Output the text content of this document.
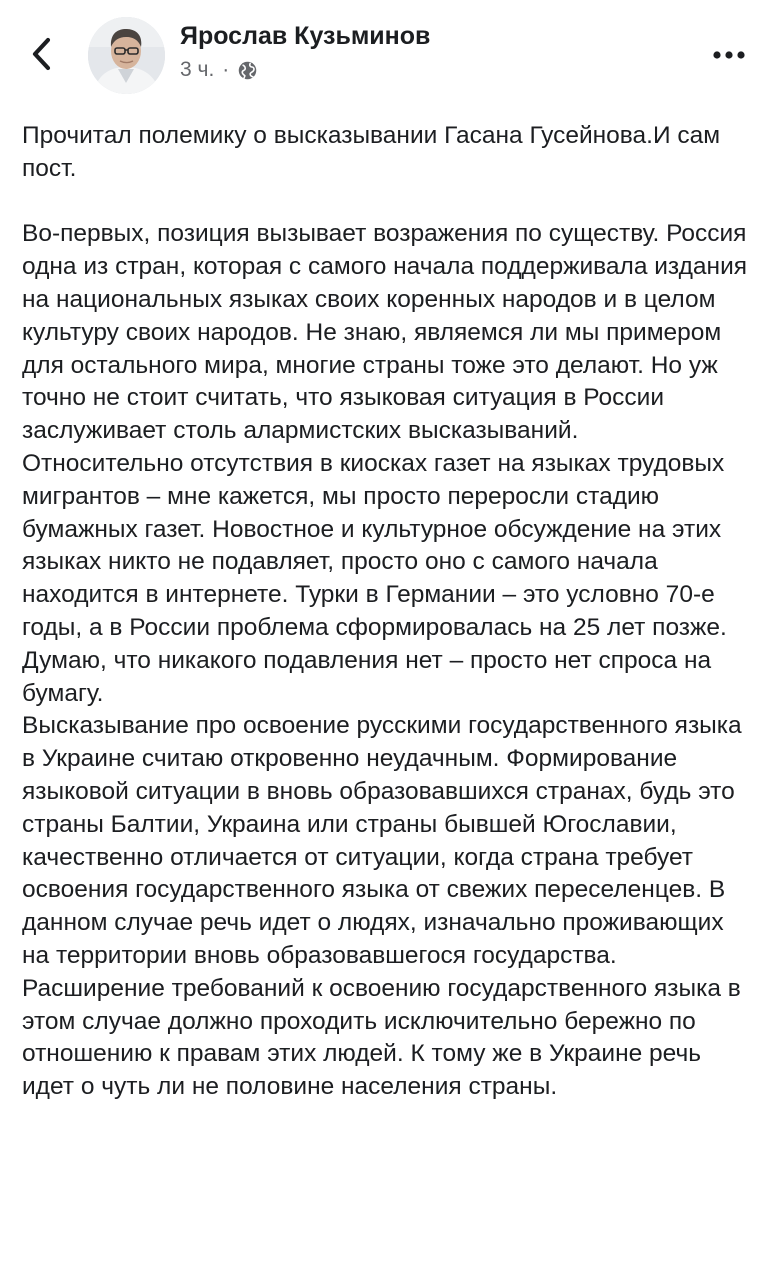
Ярослав Кузьминов
3 ч. ·

Прочитал полемику о высказывании Гасана Гусейнова.И сам пост.

Во-первых, позиция вызывает возражения по существу. Россия одна из стран, которая с самого начала поддерживала издания на национальных языках своих коренных народов и в целом культуру своих народов. Не знаю, являемся ли мы примером для остального мира, многие страны тоже это делают. Но уж точно не стоит считать, что языковая ситуация в России заслуживает столь алармистских высказываний.

Относительно отсутствия в киосках газет на языках трудовых мигрантов – мне кажется, мы просто переросли стадию бумажных газет. Новостное и культурное обсуждение на этих языках никто не подавляет, просто оно с самого начала находится в интернете. Турки в Германии – это условно 70-е годы, а в России проблема сформировалась на 25 лет позже. Думаю, что никакого подавления нет – просто нет спроса на бумагу.

Высказывание про освоение русскими государственного языка в Украине считаю откровенно неудачным. Формирование языковой ситуации в вновь образовавшихся странах, будь это страны Балтии, Украина или страны бывшей Югославии, качественно отличается от ситуации, когда страна требует освоения государственного языка от свежих переселенцев. В данном случае речь идет о людях, изначально проживающих на территории вновь образовавшегося государства. Расширение требований к освоению государственного языка в этом случае должно проходить исключительно бережно по отношению к правам этих людей. К тому же в Украине речь идет о чуть ли не половине населения страны.
